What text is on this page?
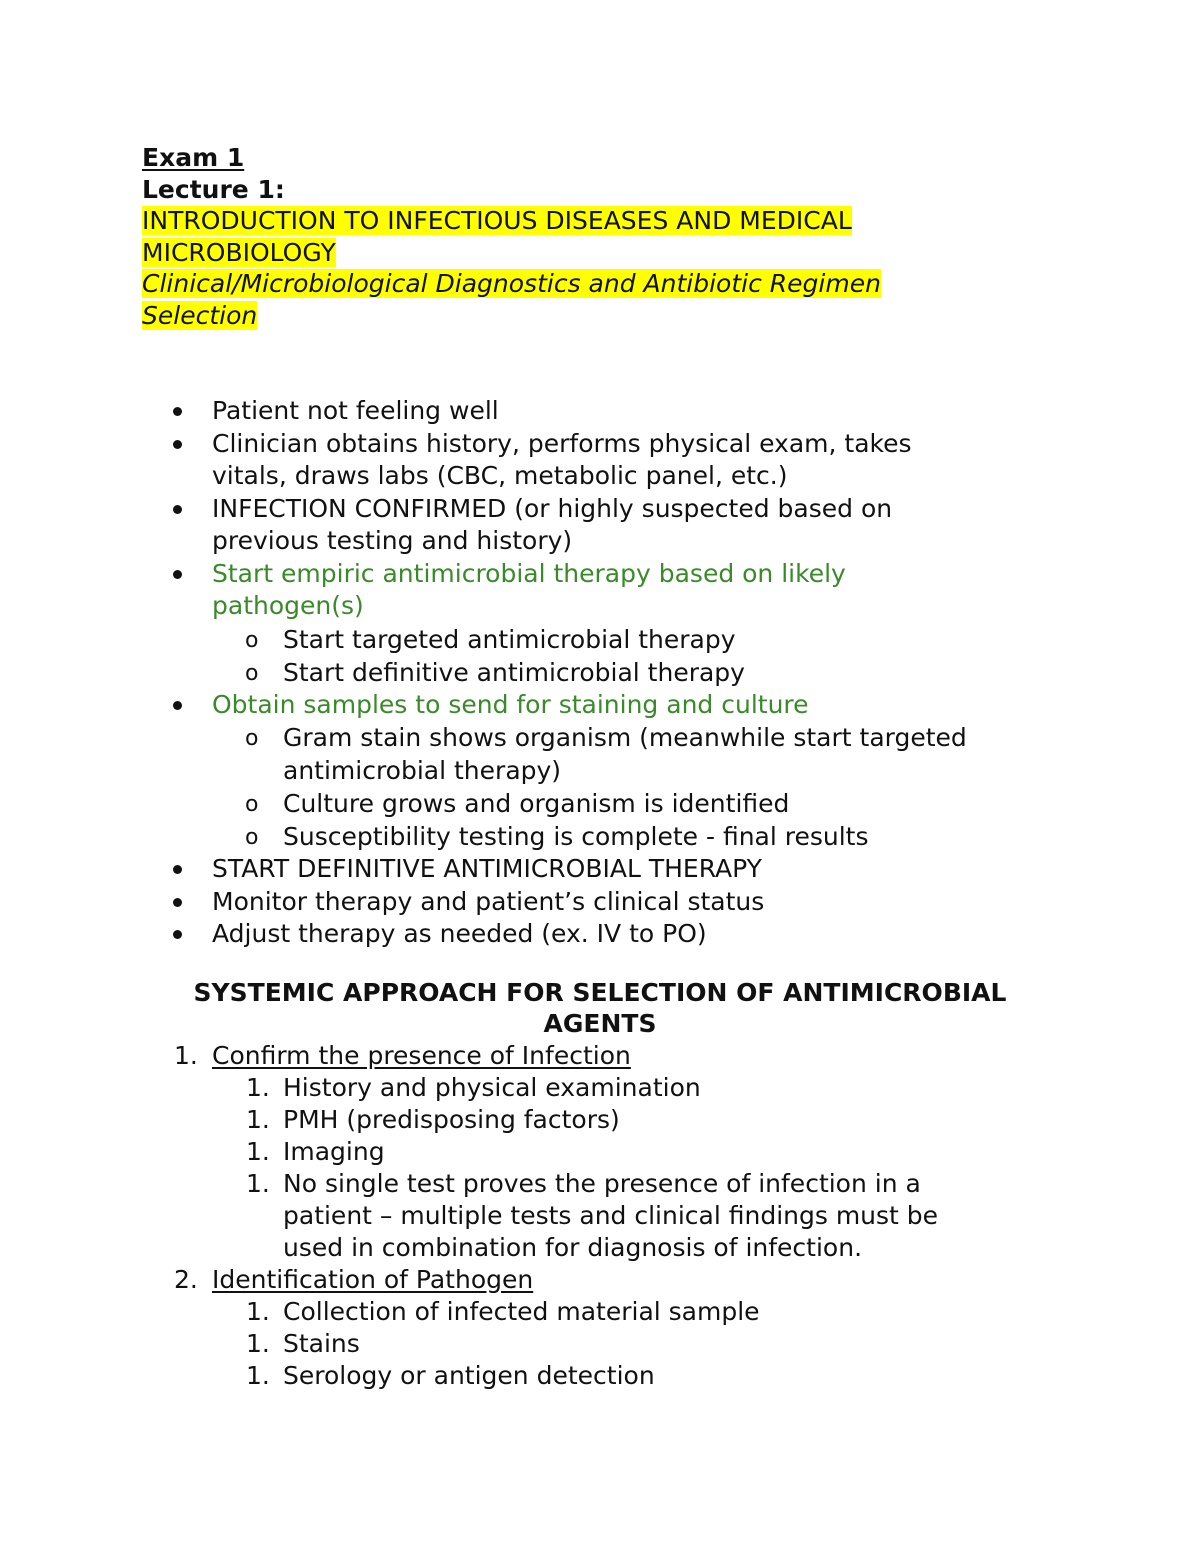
Exam 1
Lecture 1:
INTRODUCTION TO INFECTIOUS DISEASES AND MEDICAL
MICROBIOLOGY
Clinical/Microbiological Diagnostics and Antibiotic Regimen
Selection
Patient not feeling well
Clinician obtains history, performs physical exam, takes
vitals, draws labs (CBC, metabolic panel, etc.)
INFECTION CONFIRMED (or highly suspected based on
previous testing and history)
Start empiric antimicrobial therapy based on likely
pathogen(s)
o Start targeted antimicrobial therapy
o Start definitive antimicrobial therapy
Obtain samples to send for staining and culture
o Gram stain shows organism (meanwhile start targeted
antimicrobial therapy)
o Culture grows and organism is identified
o Susceptibility testing is complete - final results
START DEFINITIVE ANTIMICROBIAL THERAPY
Monitor therapy and patient’s clinical status
Adjust therapy as needed (ex. IV to PO)
SYSTEMIC APPROACH FOR SELECTION OF ANTIMICROBIAL
AGENTS
1. Confirm the presence of Infection
1. History and physical examination
1. PMH (predisposing factors)
1. Imaging
1. No single test proves the presence of infection in a
patient – multiple tests and clinical findings must be
used in combination for diagnosis of infection.
2. Identification of Pathogen
1. Collection of infected material sample
1. Stains
1. Serology or antigen detection
